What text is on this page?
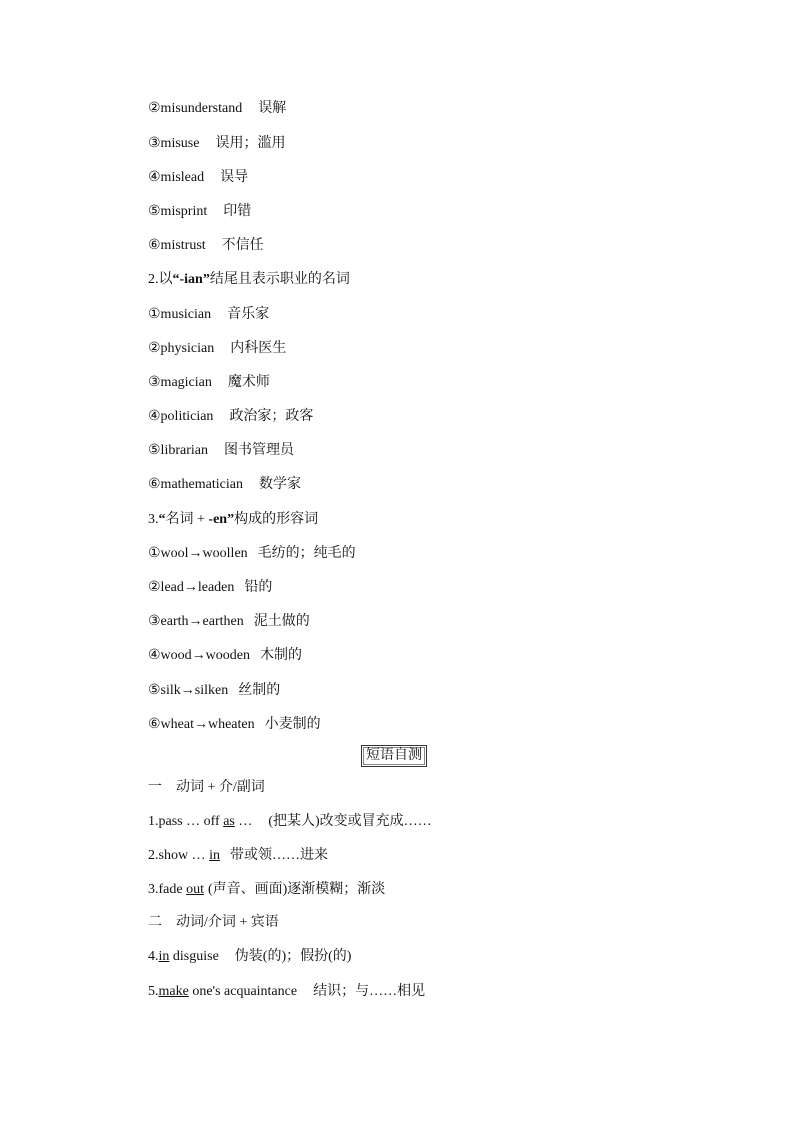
②misunderstand 误解
③misuse 误用；滥用
④mislead 误导
⑤misprint 印错
⑥mistrust 不信任
2.以“-ian”结尾且表示职业的名词
①musician 音乐家
②physician 内科医生
③magician 魔术师
④politician 政治家；政客
⑤librarian 图书管理员
⑥mathematician 数学家
3.“名词 + -en”构成的形容词
①wool→woollen 毛纺的；纯毛的
②lead→leaden 铅的
③earth→earthen 泥土做的
④wood→wooden 木制的
⑤silk→silken 丝制的
⑥wheat→wheaten 小麦制的
短语自测
一　动词 + 介/副词
1.pass … off as … (把某人)改变或冒充成……
2.show … in 带或领……进来
3.fade out (声音、画面)逐渐模糊；渐淡
二　动词/介词 + 宾语
4.in disguise 伪装(的)；假扮(的)
5.make one's acquaintance 结识；与……相见
